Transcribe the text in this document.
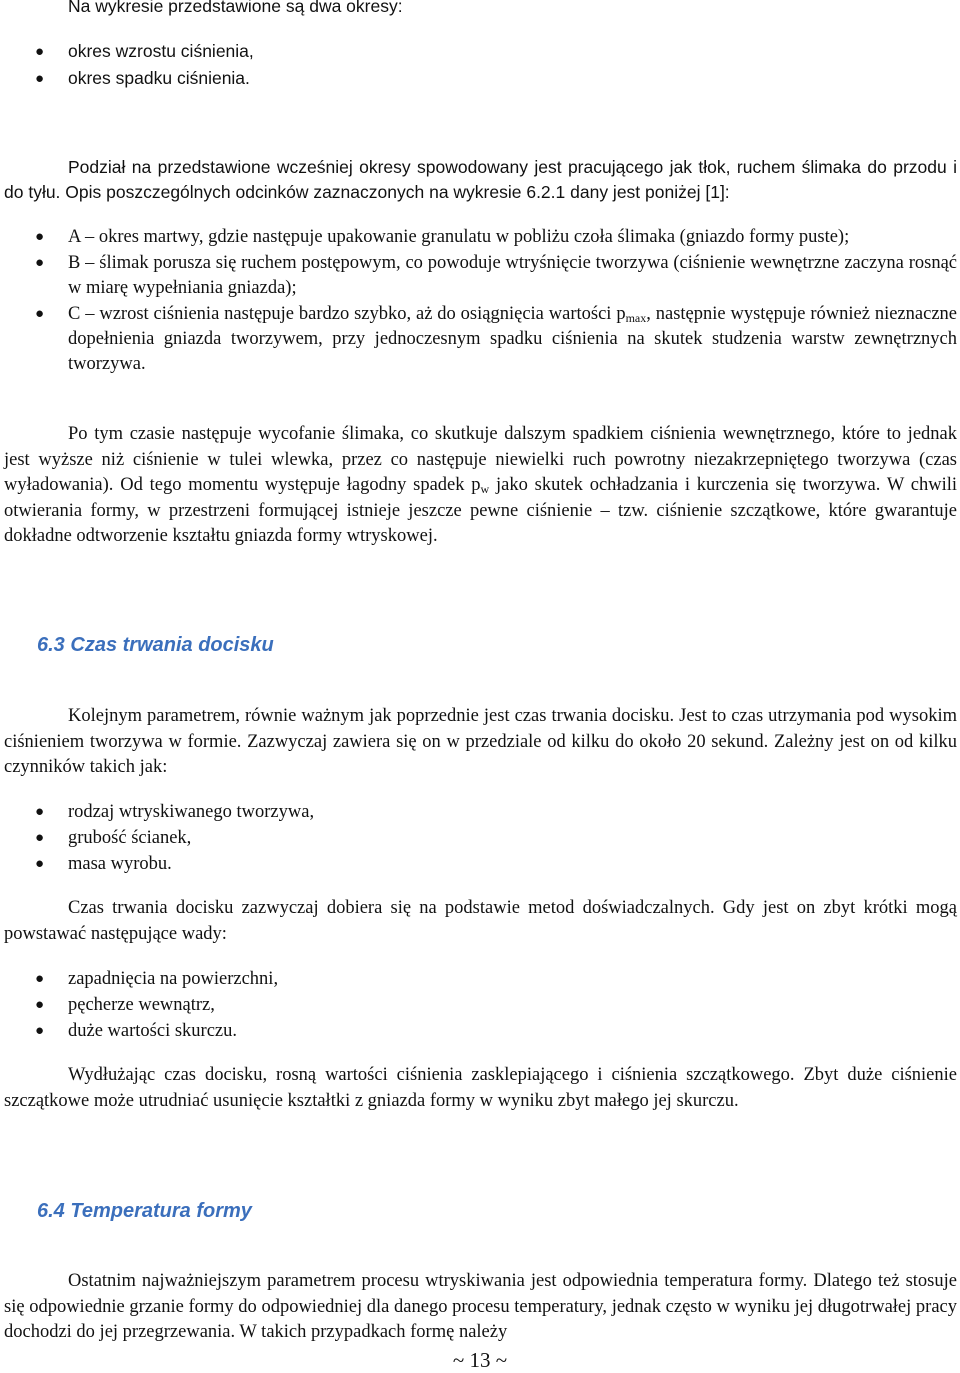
Na wykresie przedstawione są dwa okresy:
● okres wzrostu ciśnienia,
● okres spadku ciśnienia.
Podział na przedstawione wcześniej okresy spowodowany jest pracującego jak tłok, ruchem ślimaka do przodu i do tyłu. Opis poszczególnych odcinków zaznaczonych na wykresie 6.2.1 dany jest poniżej [1]:
● A – okres martwy, gdzie następuje upakowanie granulatu w pobliżu czoła ślimaka (gniazdo formy puste);
● B – ślimak porusza się ruchem postępowym, co powoduje wtryśnięcie tworzywa (ciśnienie wewnętrzne zaczyna rosnąć w miarę wypełniania gniazda);
● C – wzrost ciśnienia następuje bardzo szybko, aż do osiągnięcia wartości $p_{max}$, następnie występuje również nieznaczne dopełnienia gniazda tworzywem, przy jednoczesnym spadku ciśnienia na skutek studzenia warstw zewnętrznych tworzywa.
Po tym czasie następuje wycofanie ślimaka, co skutkuje dalszym spadkiem ciśnienia wewnętrznego, które to jednak jest wyższe niż ciśnienie w tulei wlewka, przez co następuje niewielki ruch powrotny niezakrzepniętego tworzywa (czas wyładowania). Od tego momentu występuje łagodny spadek $p_w$ jako skutek ochładzania i kurczenia się tworzywa. W chwili otwierania formy, w przestrzeni formującej istnieje jeszcze pewne ciśnienie – tzw. ciśnienie szczątkowe, które gwarantuje dokładne odtworzenie kształtu gniazda formy wtryskowej.
6.3 Czas trwania docisku
Kolejnym parametrem, równie ważnym jak poprzednie jest czas trwania docisku. Jest to czas utrzymania pod wysokim ciśnieniem tworzywa w formie. Zazwyczaj zawiera się on w przedziale od kilku do około 20 sekund. Zależny jest on od kilku czynników takich jak:
● rodzaj wtryskiwanego tworzywa,
● grubość ścianek,
● masa wyrobu.
Czas trwania docisku zazwyczaj dobiera się na podstawie metod doświadczalnych. Gdy jest on zbyt krótki mogą powstawać następujące wady:
● zapadnięcia na powierzchni,
● pęcherze wewnątrz,
● duże wartości skurczu.
Wydłużając czas docisku, rosną wartości ciśnienia zasklepiającego i ciśnienia szczątkowego. Zbyt duże ciśnienie szczątkowe może utrudniać usunięcie kształtki z gniazda formy w wyniku zbyt małego jej skurczu.
6.4 Temperatura formy
Ostatnim najważniejszym parametrem procesu wtryskiwania jest odpowiednia temperatura formy. Dlatego też stosuje się odpowiednie grzanie formy do odpowiedniej dla danego procesu temperatury, jednak często w wyniku jej długotrwałej pracy dochodzi do jej przegrzewania. W takich przypadkach formę należy
~ 13 ~
